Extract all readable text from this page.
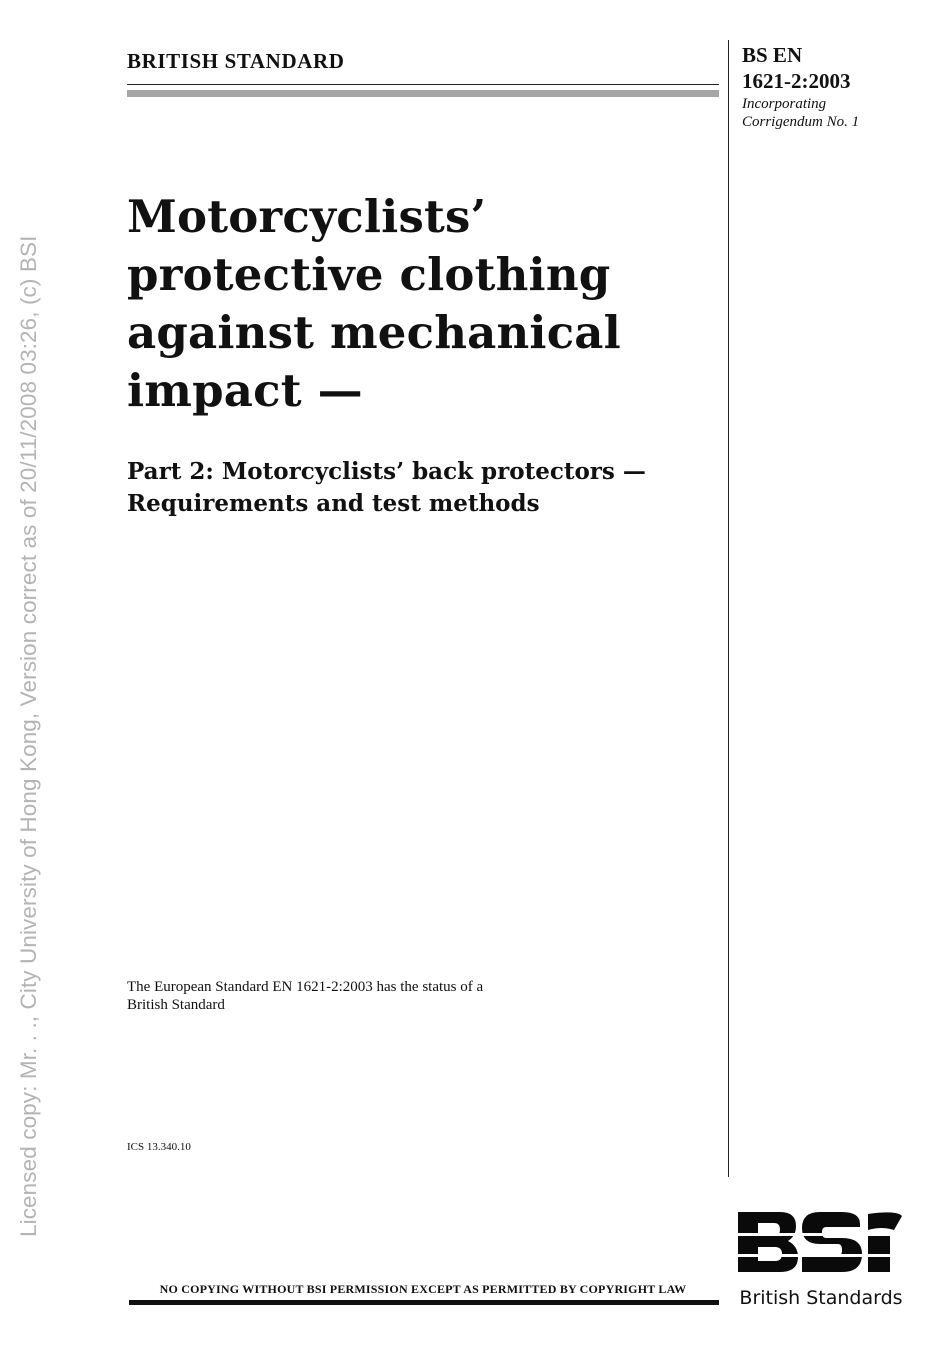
Licensed copy: Mr. . ., City University of Hong Kong, Version correct as of 20/11/2008 03:26, (c) BSI
BRITISH STANDARD	BS EN
1621-2:2003
Incorporating
Corrigendum No. 1
Motorcyclists’
protective clothing
against mechanical
impact —
Part 2: Motorcyclists’ back protectors —
Requirements and test methods
The European Standard EN 1621-2:2003 has the status of a
British Standard
ICS 13.340.10
NO COPYING WITHOUT BSI PERMISSION EXCEPT AS PERMITTED BY COPYRIGHT LAW	British Standards
